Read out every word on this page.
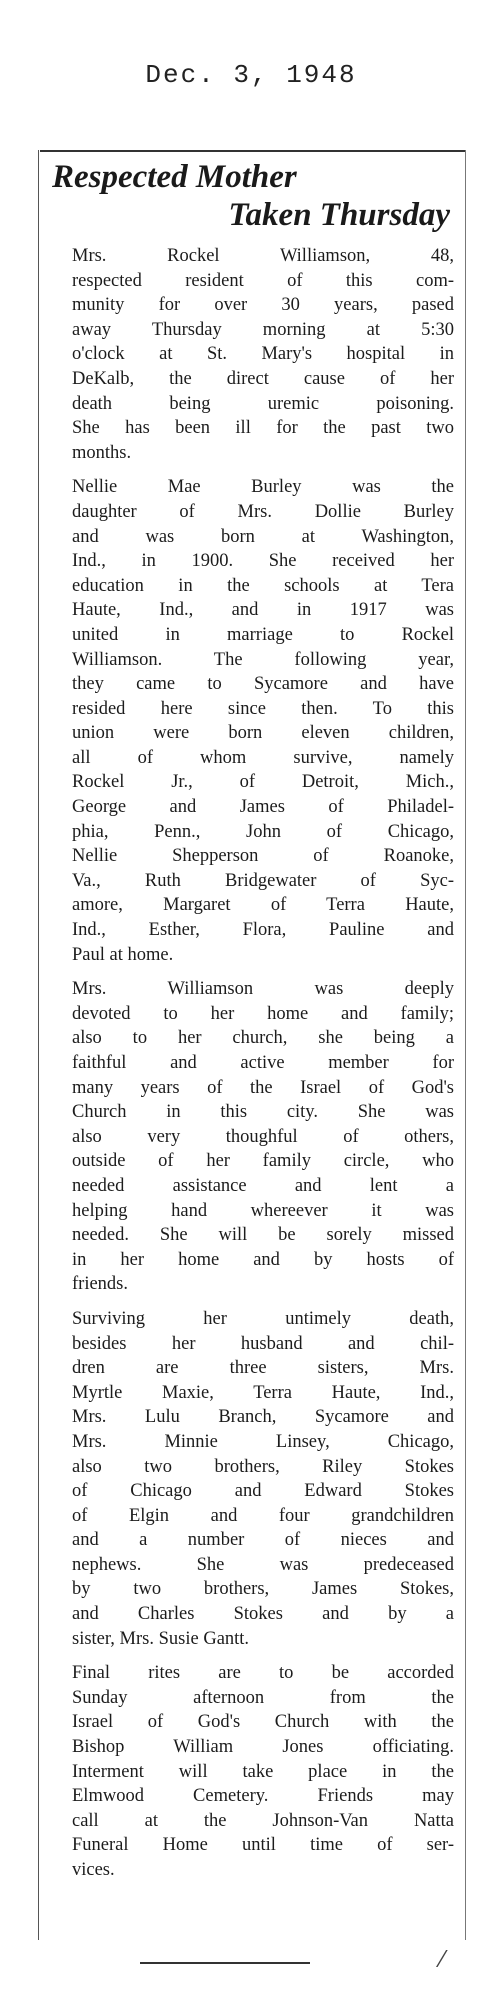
Dec. 3, 1948
Respected Mother
Taken Thursday
Mrs. Rockel Williamson, 48,
respected resident of this com-
munity for over 30 years, pased
away Thursday morning at 5:30
o'clock at St. Mary's hospital in
DeKalb, the direct cause of her
death being uremic poisoning.
She has been ill for the past two
months.
Nellie Mae Burley was the
daughter of Mrs. Dollie Burley
and was born at Washington,
Ind., in 1900. She received her
education in the schools at Tera
Haute, Ind., and in 1917 was
united in marriage to Rockel
Williamson. The following year,
they came to Sycamore and have
resided here since then. To this
union were born eleven children,
all of whom survive, namely
Rockel Jr., of Detroit, Mich.,
George and James of Philadel-
phia, Penn., John of Chicago,
Nellie Shepperson of Roanoke,
Va., Ruth Bridgewater of Syc-
amore, Margaret of Terra Haute,
Ind., Esther, Flora, Pauline and
Paul at home.
Mrs. Williamson was deeply
devoted to her home and family;
also to her church, she being a
faithful and active member for
many years of the Israel of God's
Church in this city. She was
also very thoughful of others,
outside of her family circle, who
needed assistance and lent a
helping hand whereever it was
needed. She will be sorely missed
in her home and by hosts of
friends.
Surviving her untimely death,
besides her husband and chil-
dren are three sisters, Mrs.
Myrtle Maxie, Terra Haute, Ind.,
Mrs. Lulu Branch, Sycamore and
Mrs. Minnie Linsey, Chicago,
also two brothers, Riley Stokes
of Chicago and Edward Stokes
of Elgin and four grandchildren
and a number of nieces and
nephews. She was predeceased
by two brothers, James Stokes,
and Charles Stokes and by a
sister, Mrs. Susie Gantt.
Final rites are to be accorded
Sunday afternoon from the
Israel of God's Church with the
Bishop William Jones officiating.
Interment will take place in the
Elmwood Cemetery. Friends may
call at the Johnson-Van Natta
Funeral Home until time of ser-
vices.
⁄
